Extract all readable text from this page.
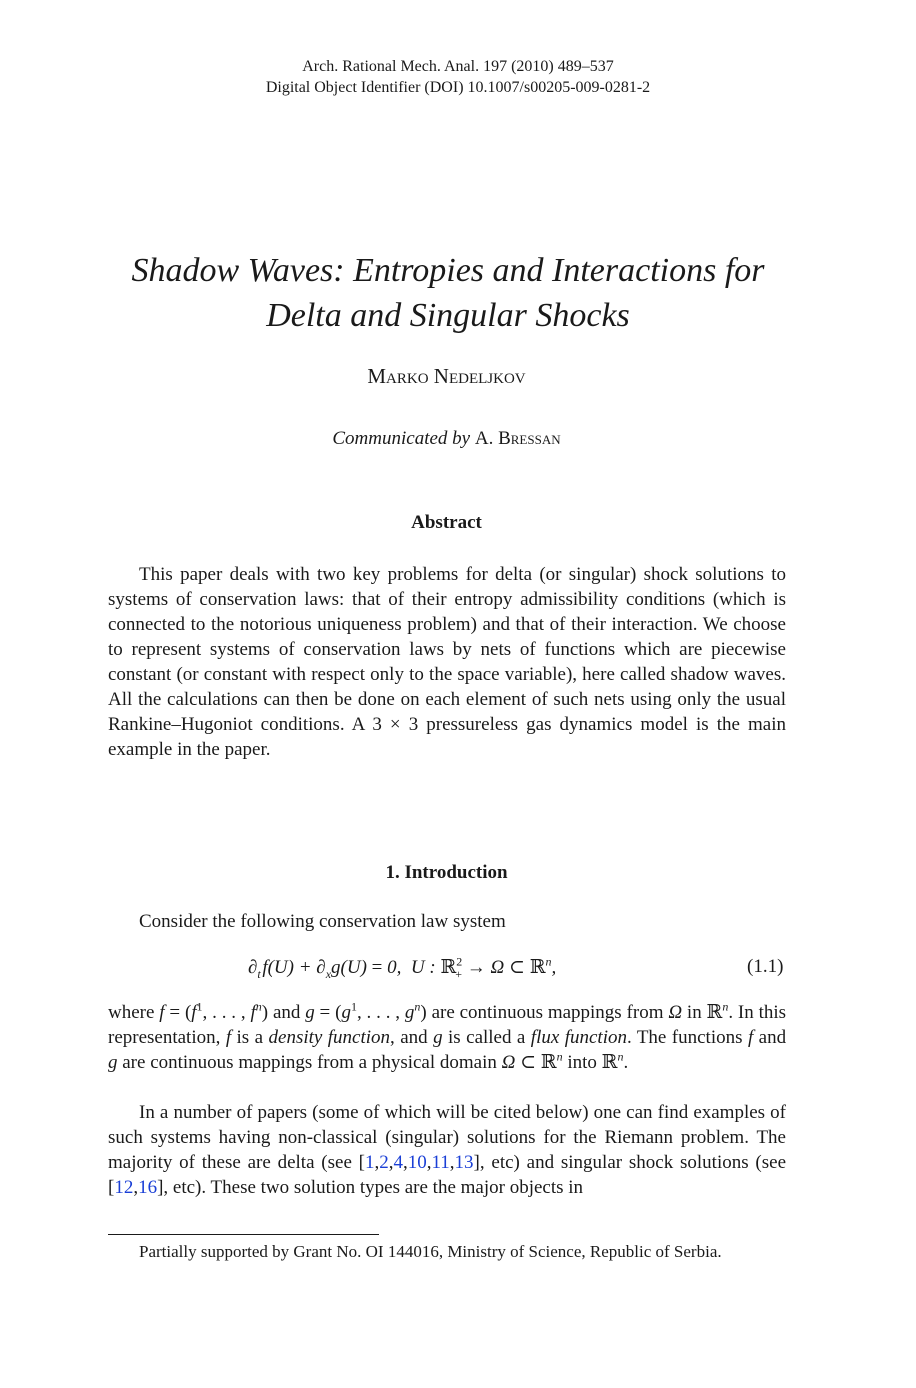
Arch. Rational Mech. Anal. 197 (2010) 489–537
Digital Object Identifier (DOI) 10.1007/s00205-009-0281-2
Shadow Waves: Entropies and Interactions for
Delta and Singular Shocks
Marko Nedeljkov
Communicated by A. Bressan
Abstract
This paper deals with two key problems for delta (or singular) shock solutions to systems of conservation laws: that of their entropy admissibility conditions (which is connected to the notorious uniqueness problem) and that of their interaction. We choose to represent systems of conservation laws by nets of functions which are piecewise constant (or constant with respect only to the space variable), here called shadow waves. All the calculations can then be done on each element of such nets using only the usual Rankine–Hugoniot conditions. A 3 × 3 pressureless gas dynamics model is the main example in the paper.
1. Introduction
Consider the following conservation law system
$\partial_t$ $f(U) + \partial_xg(U) = 0$,  U : ℝ$^2_+$ → Ω ⊂ ℝ$^n$,	(1.1)
where $f = (f^1$, . . . , $f^n$) and $g = (g^1$, . . . , $g^n$) are continuous mappings from Ω in ℝ$^n$. In this representation, f is a density function, and g is called a flux function. The functions f and g are continuous mappings from a physical domain Ω ⊂ ℝ$^n$ into ℝ$^n$.
In a number of papers (some of which will be cited below) one can find examples of such systems having non-classical (singular) solutions for the Riemann problem. The majority of these are delta (see [1,2,4,10,11,13], etc) and singular shock solutions (see [12,16], etc). These two solution types are the major objects in
Partially supported by Grant No. OI 144016, Ministry of Science, Republic of Serbia.
